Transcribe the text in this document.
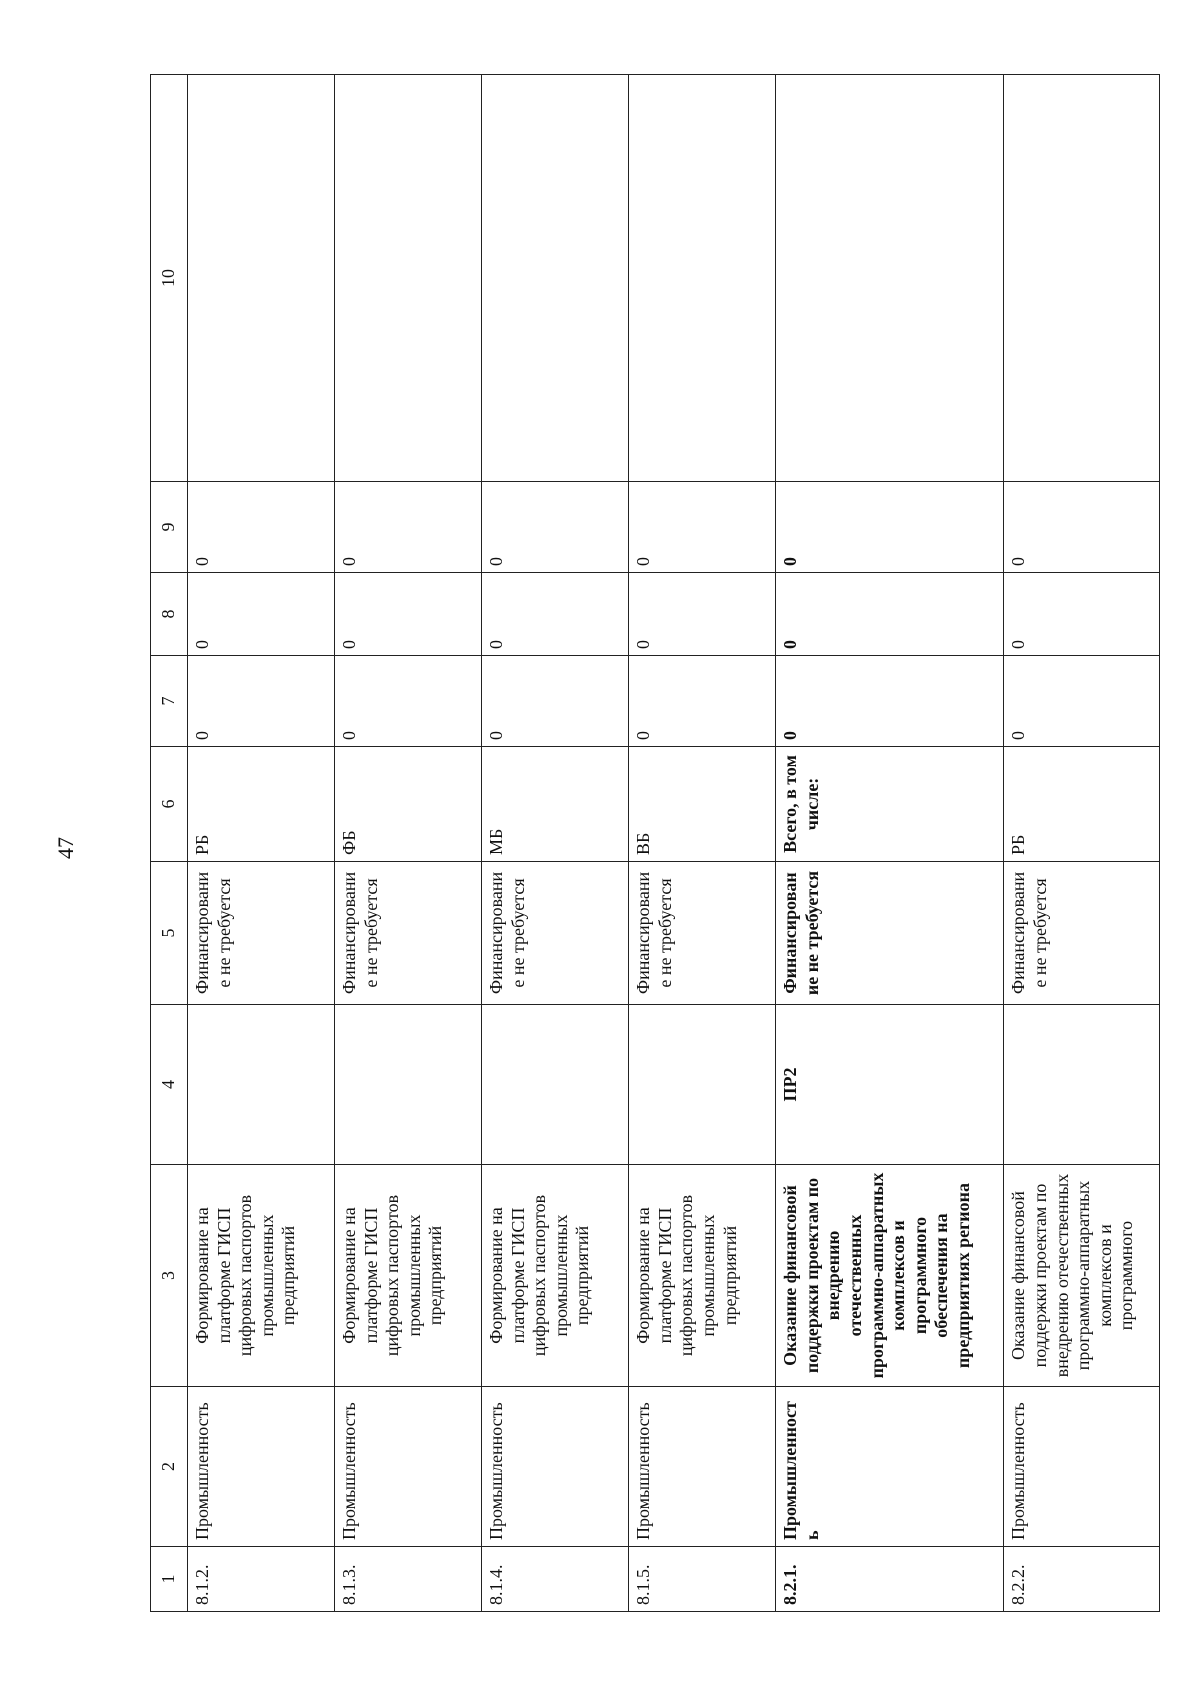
47
1	2	3	4	5	6	7	8	9	10
8.1.2.	Промышленность	Формирование на платформе ГИСП цифровых паспортов промышленных предприятий		Финансирование не требуется	РБ	0	0	0	
8.1.3.	Промышленность	Формирование на платформе ГИСП цифровых паспортов промышленных предприятий		Финансирование не требуется	ФБ	0	0	0	
8.1.4.	Промышленность	Формирование на платформе ГИСП цифровых паспортов промышленных предприятий		Финансирование не требуется	МБ	0	0	0	
8.1.5.	Промышленность	Формирование на платформе ГИСП цифровых паспортов промышленных предприятий		Финансирование не требуется	ВБ	0	0	0	
8.2.1.	Промышленность	Оказание финансовой поддержки проектам по внедрению отечественных программно-аппаратных комплексов и программного обеспечения на предприятиях региона	ПР2	Финансирование не требуется	Всего, в том числе:	0	0	0	
8.2.2.	Промышленность	Оказание финансовой поддержки проектам по внедрению отечественных программно-аппаратных комплексов и программного		Финансирование не требуется	РБ	0	0	0	
